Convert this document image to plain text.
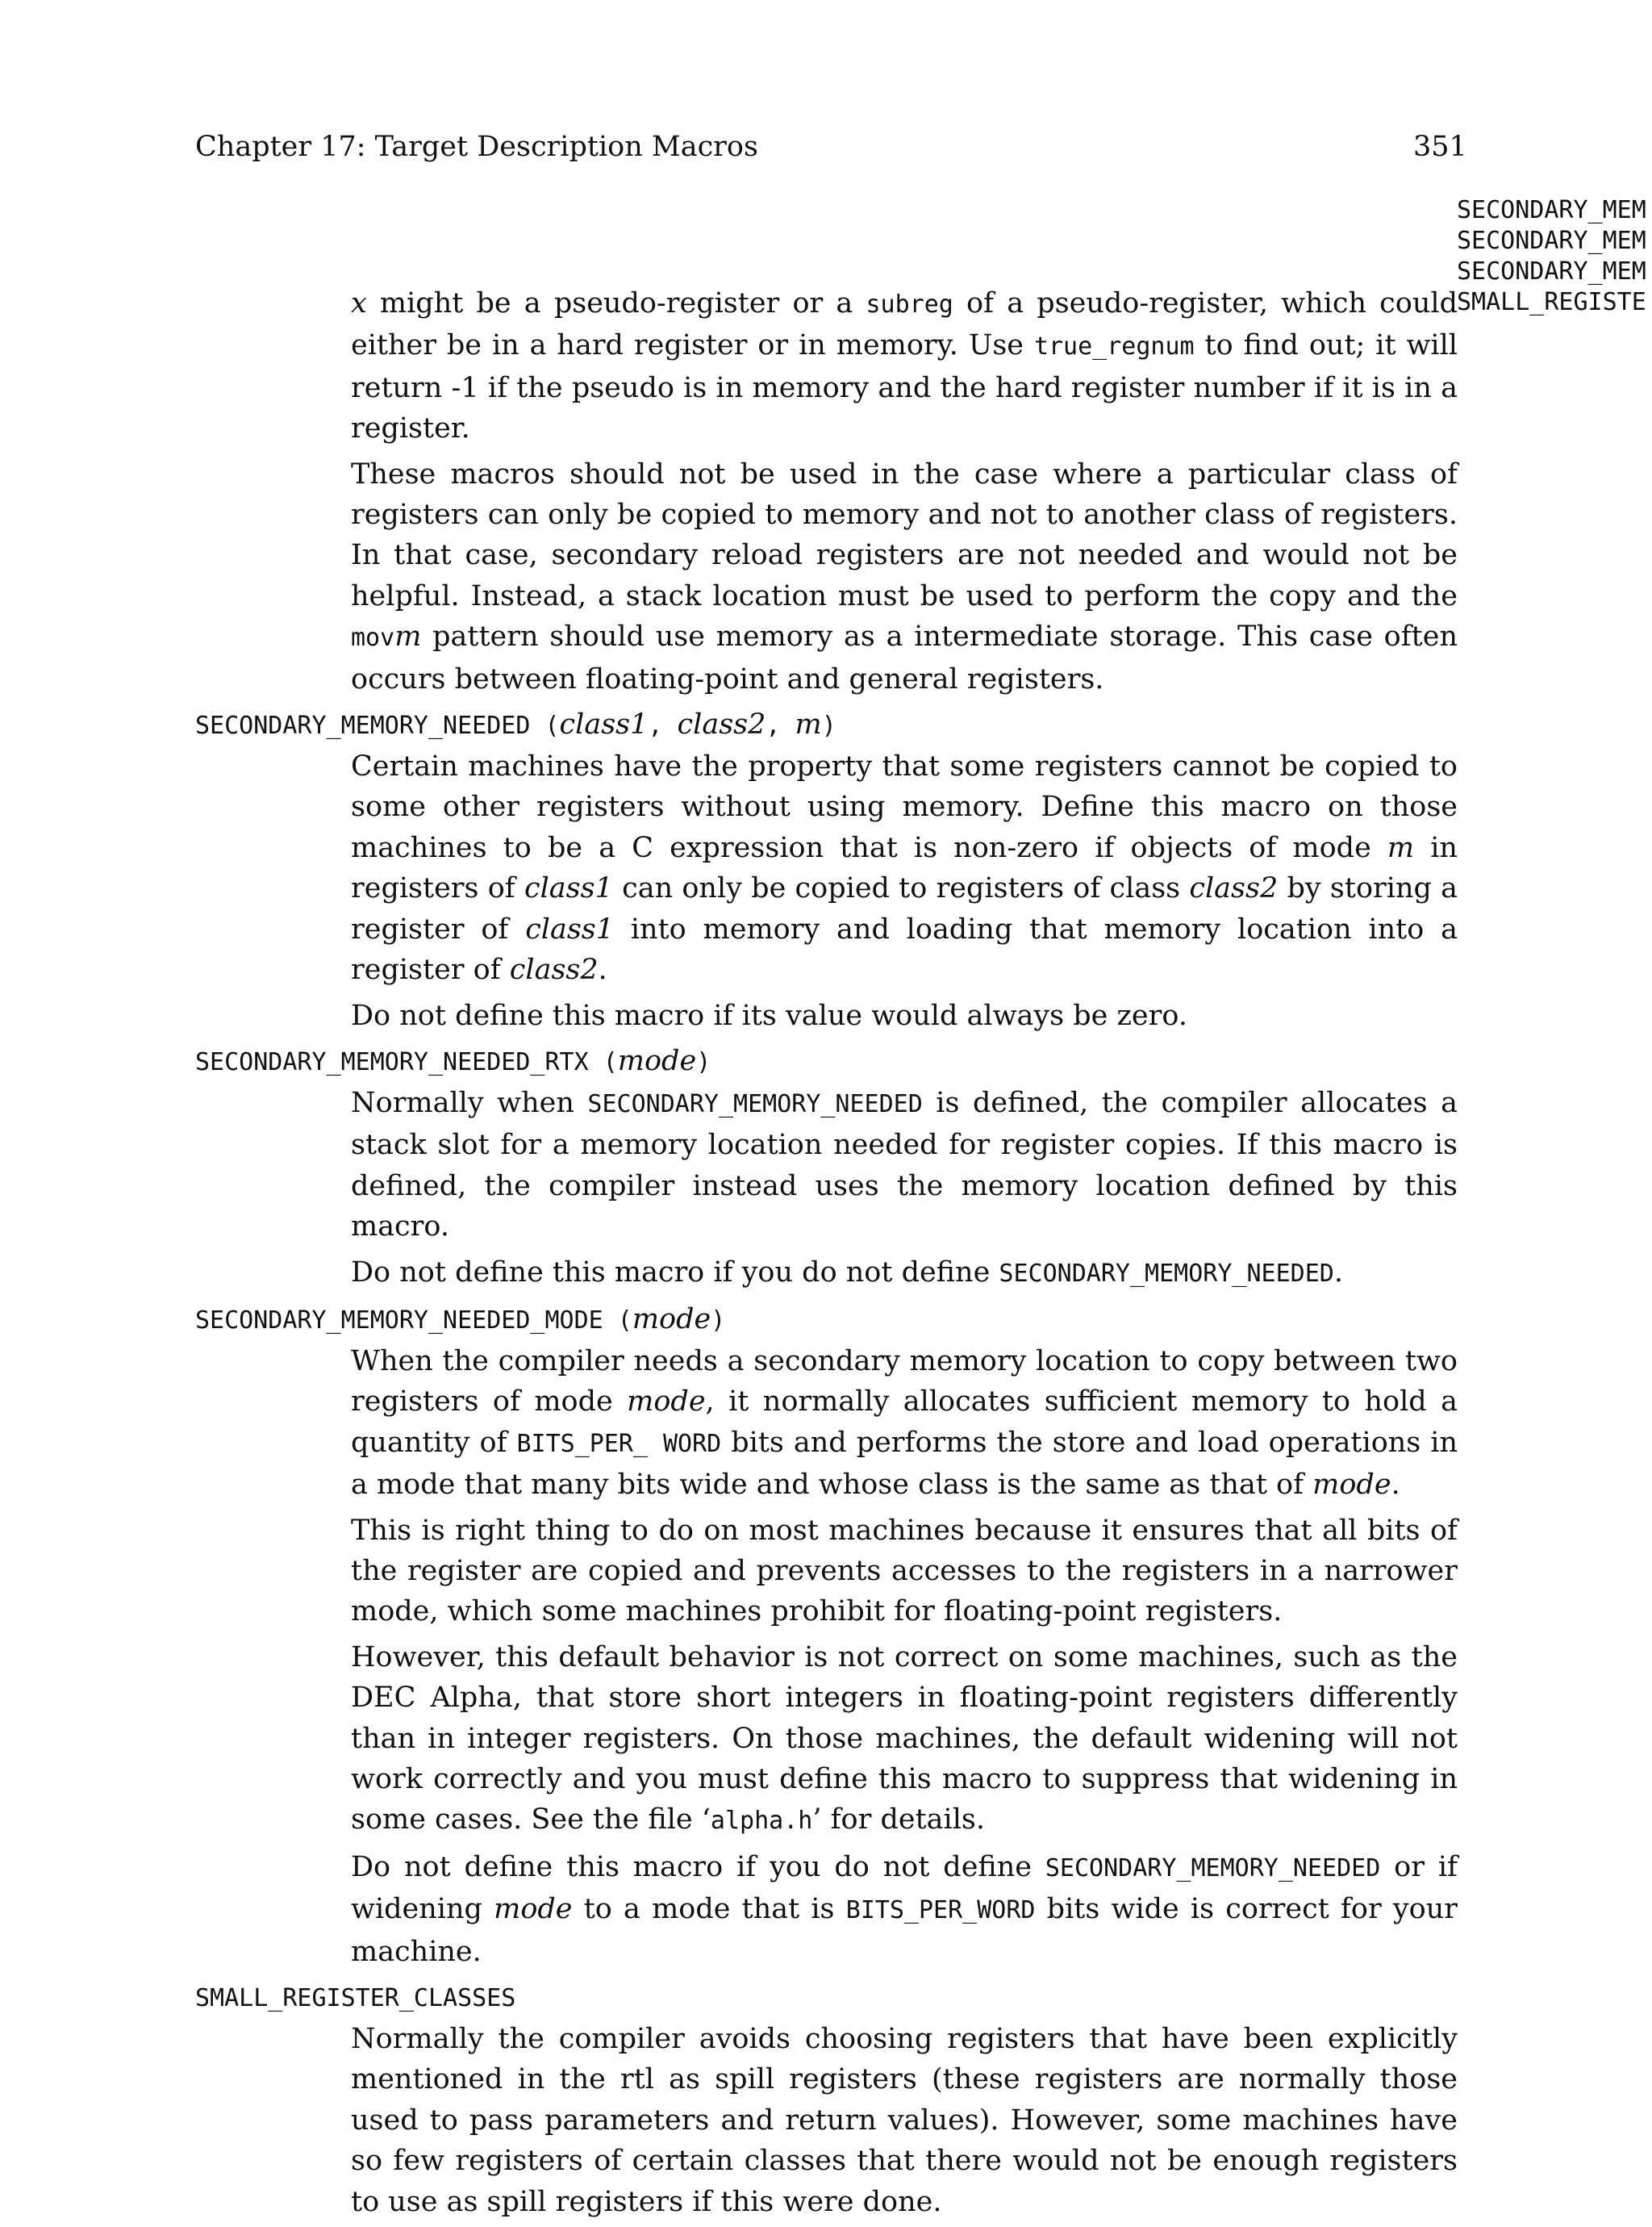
Chapter 17: Target Description Macros	351
SECONDARY_MEM
SECONDARY_MEM
SECONDARY_MEM
SMALL_REGISTE
x might be a pseudo-register or a subreg of a pseudo-register, which could either be in a hard register or in memory. Use true_regnum to find out; it will return -1 if the pseudo is in memory and the hard register number if it is in a register.
These macros should not be used in the case where a particular class of registers can only be copied to memory and not to another class of registers. In that case, secondary reload registers are not needed and would not be helpful. Instead, a stack location must be used to perform the copy and the movm pattern should use memory as a intermediate storage. This case often occurs between floating-point and general registers.
SECONDARY_MEMORY_NEEDED (class1, class2, m)
Certain machines have the property that some registers cannot be copied to some other registers without using memory. Define this macro on those machines to be a C expression that is non-zero if objects of mode m in registers of class1 can only be copied to registers of class class2 by storing a register of class1 into memory and loading that memory location into a register of class2.
Do not define this macro if its value would always be zero.
SECONDARY_MEMORY_NEEDED_RTX (mode)
Normally when SECONDARY_MEMORY_NEEDED is defined, the compiler allocates a stack slot for a memory location needed for register copies. If this macro is defined, the compiler instead uses the memory location defined by this macro.
Do not define this macro if you do not define SECONDARY_MEMORY_NEEDED.
SECONDARY_MEMORY_NEEDED_MODE (mode)
When the compiler needs a secondary memory location to copy between two registers of mode mode, it normally allocates sufficient memory to hold a quantity of BITS_PER_ WORD bits and performs the store and load operations in a mode that many bits wide and whose class is the same as that of mode.
This is right thing to do on most machines because it ensures that all bits of the register are copied and prevents accesses to the registers in a narrower mode, which some machines prohibit for floating-point registers.
However, this default behavior is not correct on some machines, such as the DEC Alpha, that store short integers in floating-point registers differently than in integer registers. On those machines, the default widening will not work correctly and you must define this macro to suppress that widening in some cases. See the file ‘alpha.h’ for details.
Do not define this macro if you do not define SECONDARY_MEMORY_NEEDED or if widening mode to a mode that is BITS_PER_WORD bits wide is correct for your machine.
SMALL_REGISTER_CLASSES
Normally the compiler avoids choosing registers that have been explicitly mentioned in the rtl as spill registers (these registers are normally those used to pass parameters and return values). However, some machines have so few registers of certain classes that there would not be enough registers to use as spill registers if this were done.
